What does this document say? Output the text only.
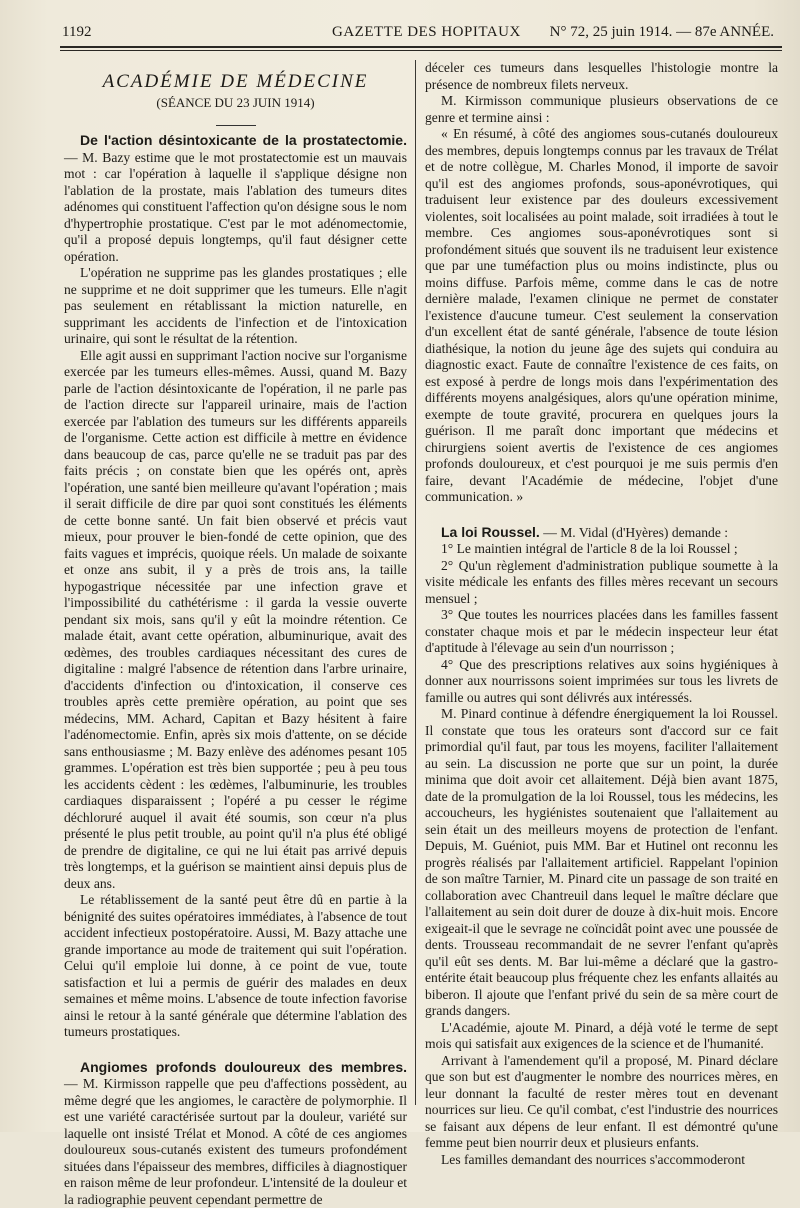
1192	GAZETTE DES HOPITAUX N° 72, 25 juin 1914. — 87e ANNÉE.
ACADÉMIE DE MÉDECINE
(SÉANCE DU 23 JUIN 1914)

De l'action désintoxicante de la prostatectomie. — M. Bazy estime que le mot prostatectomie est un mauvais mot : car l'opération à laquelle il s'applique désigne non l'ablation de la prostate, mais l'ablation des tumeurs dites adénomes qui constituent l'affection qu'on désigne sous le nom d'hypertrophie prostatique. C'est par le mot adénomectomie, qu'il a proposé depuis longtemps, qu'il faut désigner cette opération.

L'opération ne supprime pas les glandes prostatiques ; elle ne supprime et ne doit supprimer que les tumeurs. Elle n'agit pas seulement en rétablissant la miction naturelle, en supprimant les accidents de l'infection et de l'intoxication urinaire, qui sont le résultat de la rétention.

Elle agit aussi en supprimant l'action nocive sur l'organisme exercée par les tumeurs elles-mêmes. Aussi, quand M. Bazy parle de l'action désintoxicante de l'opération, il ne parle pas de l'action directe sur l'appareil urinaire, mais de l'action exercée par l'ablation des tumeurs sur les différents appareils de l'organisme. Cette action est difficile à mettre en évidence dans beaucoup de cas, parce qu'elle ne se traduit pas par des faits précis ; on constate bien que les opérés ont, après l'opération, une santé bien meilleure qu'avant l'opération ; mais il serait difficile de dire par quoi sont constitués les éléments de cette bonne santé. Un fait bien observé et précis vaut mieux, pour prouver le bien-fondé de cette opinion, que des faits vagues et imprécis, quoique réels. Un malade de soixante et onze ans subit, il y a près de trois ans, la taille hypogastrique nécessitée par une infection grave et l'impossibilité du cathétérisme : il garda la vessie ouverte pendant six mois, sans qu'il y eût la moindre rétention. Ce malade était, avant cette opération, albuminurique, avait des œdèmes, des troubles cardiaques nécessitant des cures de digitaline : malgré l'absence de rétention dans l'arbre urinaire, d'accidents d'infection ou d'intoxication, il conserve ces troubles après cette première opération, au point que ses médecins, MM. Achard, Capitan et Bazy hésitent à faire l'adénomectomie. Enfin, après six mois d'attente, on se décide sans enthousiasme ; M. Bazy enlève des adénomes pesant 105 grammes. L'opération est très bien supportée ; peu à peu tous les accidents cèdent : les œdèmes, l'albuminurie, les troubles cardiaques disparaissent ; l'opéré a pu cesser le régime déchloruré auquel il avait été soumis, son cœur n'a plus présenté le plus petit trouble, au point qu'il n'a plus été obligé de prendre de digitaline, ce qui ne lui était pas arrivé depuis très longtemps, et la guérison se maintient ainsi depuis plus de deux ans.

Le rétablissement de la santé peut être dû en partie à la bénignité des suites opératoires immédiates, à l'absence de tout accident infectieux postopératoire. Aussi, M. Bazy attache une grande importance au mode de traitement qui suit l'opération. Celui qu'il emploie lui donne, à ce point de vue, toute satisfaction et lui a permis de guérir des malades en deux semaines et même moins. L'absence de toute infection favorise ainsi le retour à la santé générale que détermine l'ablation des tumeurs prostatiques.

Angiomes profonds douloureux des membres. — M. Kirmisson rappelle que peu d'affections possèdent, au même degré que les angiomes, le caractère de polymorphie. Il est une variété caractérisée surtout par la douleur, variété sur laquelle ont insisté Trélat et Monod. A côté de ces angiomes douloureux sous-cutanés existent des tumeurs profondément situées dans l'épaisseur des membres, difficiles à diagnostiquer en raison même de leur profondeur. L'intensité de la douleur et la radiographie peuvent cependant permettre de

déceler ces tumeurs dans lesquelles l'histologie montre la présence de nombreux filets nerveux.

M. Kirmisson communique plusieurs observations de ce genre et termine ainsi :

« En résumé, à côté des angiomes sous-cutanés douloureux des membres, depuis longtemps connus par les travaux de Trélat et de notre collègue, M. Charles Monod, il importe de savoir qu'il est des angiomes profonds, sous-aponévrotiques, qui traduisent leur existence par des douleurs excessivement violentes, soit localisées au point malade, soit irradiées à tout le membre. Ces angiomes sous-aponévrotiques sont si profondément situés que souvent ils ne traduisent leur existence que par une tuméfaction plus ou moins indistincte, plus ou moins diffuse. Parfois même, comme dans le cas de notre dernière malade, l'examen clinique ne permet de constater l'existence d'aucune tumeur. C'est seulement la conservation d'un excellent état de santé générale, l'absence de toute lésion diathésique, la notion du jeune âge des sujets qui conduira au diagnostic exact. Faute de connaître l'existence de ces faits, on est exposé à perdre de longs mois dans l'expérimentation des différents moyens analgésiques, alors qu'une opération minime, exempte de toute gravité, procurera en quelques jours la guérison. Il me paraît donc important que médecins et chirurgiens soient avertis de l'existence de ces angiomes profonds douloureux, et c'est pourquoi je me suis permis d'en faire, devant l'Académie de médecine, l'objet d'une communication. »

La loi Roussel. — M. Vidal (d'Hyères) demande :

1° Le maintien intégral de l'article 8 de la loi Roussel ;

2° Qu'un règlement d'administration publique soumette à la visite médicale les enfants des filles mères recevant un secours mensuel ;

3° Que toutes les nourrices placées dans les familles fassent constater chaque mois et par le médecin inspecteur leur état d'aptitude à l'élevage au sein d'un nourrisson ;

4° Que des prescriptions relatives aux soins hygiéniques à donner aux nourrissons soient imprimées sur tous les livrets de famille ou autres qui sont délivrés aux intéressés.

M. Pinard continue à défendre énergiquement la loi Roussel. Il constate que tous les orateurs sont d'accord sur ce fait primordial qu'il faut, par tous les moyens, faciliter l'allaitement au sein. La discussion ne porte que sur un point, la durée minima que doit avoir cet allaitement. Déjà bien avant 1875, date de la promulgation de la loi Roussel, tous les médecins, les accoucheurs, les hygiénistes soutenaient que l'allaitement au sein était un des meilleurs moyens de protection de l'enfant. Depuis, M. Guéniot, puis MM. Bar et Hutinel ont reconnu les progrès réalisés par l'allaitement artificiel. Rappelant l'opinion de son maître Tarnier, M. Pinard cite un passage de son traité en collaboration avec Chantreuil dans lequel le maître déclare que l'allaitement au sein doit durer de douze à dix-huit mois. Encore exigeait-il que le sevrage ne coïncidât point avec une poussée de dents. Trousseau recommandait de ne sevrer l'enfant qu'après qu'il eût ses dents. M. Bar lui-même a déclaré que la gastro-entérite était beaucoup plus fréquente chez les enfants allaités au biberon. Il ajoute que l'enfant privé du sein de sa mère court de grands dangers.

L'Académie, ajoute M. Pinard, a déjà voté le terme de sept mois qui satisfait aux exigences de la science et de l'humanité.

Arrivant à l'amendement qu'il a proposé, M. Pinard déclare que son but est d'augmenter le nombre des nourrices mères, en leur donnant la faculté de rester mères tout en devenant nourrices sur lieu. Ce qu'il combat, c'est l'industrie des nourrices se faisant aux dépens de leur enfant. Il est démontré qu'une femme peut bien nourrir deux et plusieurs enfants.

Les familles demandant des nourrices s'accommoderont
